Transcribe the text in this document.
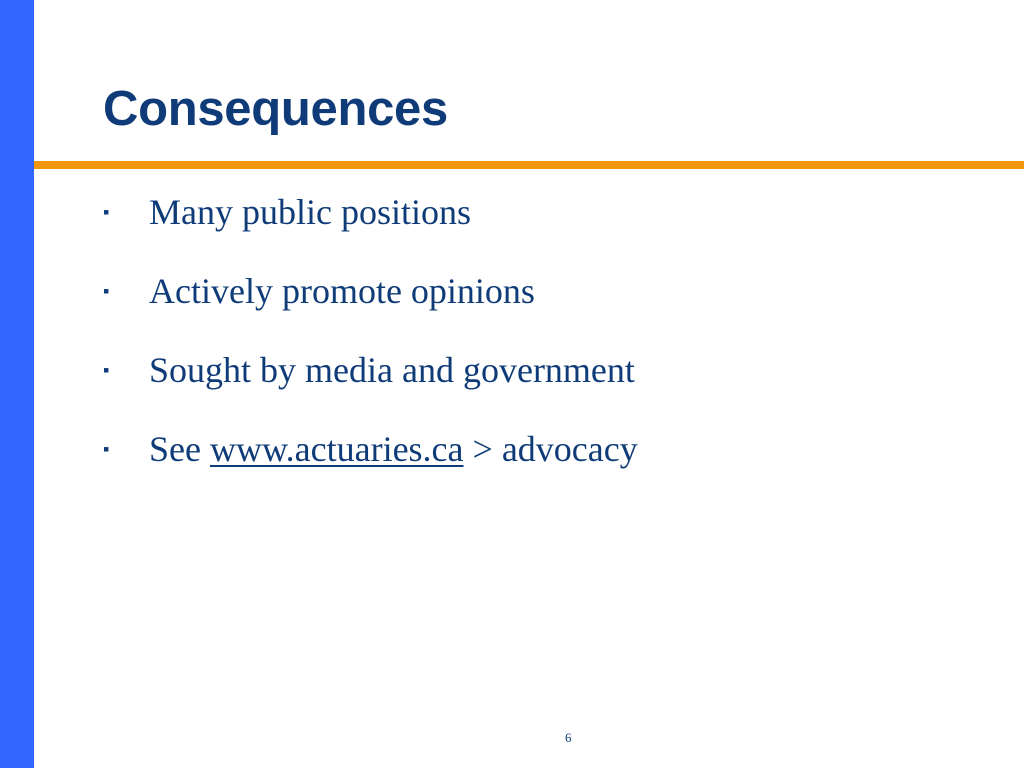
Consequences
▪	Many public positions
▪	Actively promote opinions
▪	Sought by media and government
▪	See www.actuaries.ca > advocacy
6
